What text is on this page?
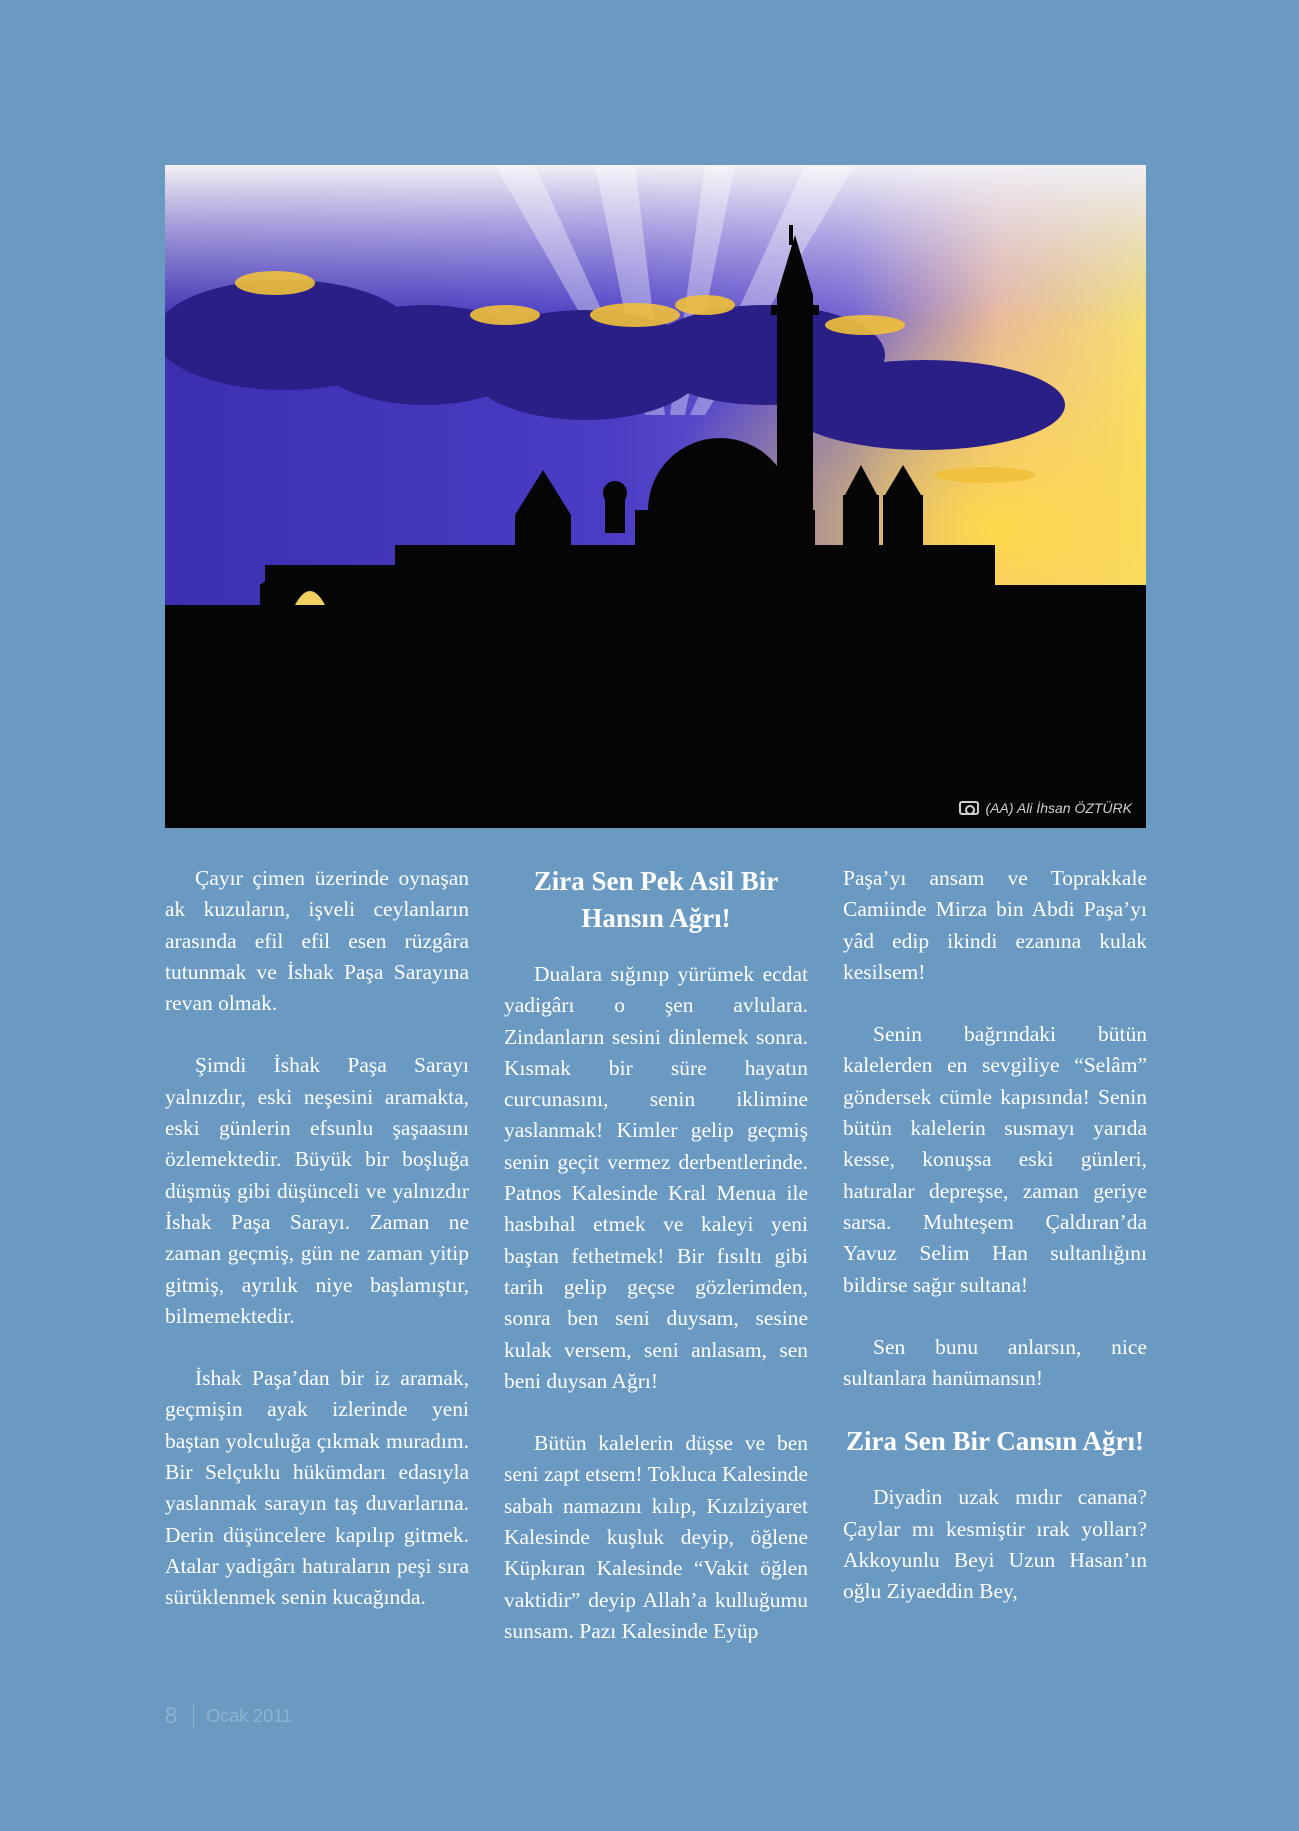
(AA) Ali İhsan ÖZTÜRK

Çayır çimen üzerinde oynaşan ak kuzuların, işveli ceylanların arasında efil efil esen rüzgâra tutunmak ve İshak Paşa Sarayına revan olmak.

Şimdi İshak Paşa Sarayı yalnızdır, eski neşesini aramakta, eski günlerin efsunlu şaşaasını özlemektedir. Büyük bir boşluğa düşmüş gibi düşünceli ve yalnızdır İshak Paşa Sarayı. Zaman ne zaman geçmiş, gün ne zaman yitip gitmiş, ayrılık niye başlamıştır, bilmemektedir.

İshak Paşa’dan bir iz aramak, geçmişin ayak izlerinde yeni baştan yolculuğa çıkmak muradım. Bir Selçuklu hükümdarı edasıyla yaslanmak sarayın taş duvarlarına. Derin düşüncelere kapılıp gitmek. Atalar yadigârı hatıraların peşi sıra sürüklenmek senin kucağında.

Zira Sen Pek Asil Bir Hansın Ağrı!

Dualara sığınıp yürümek ecdat yadigârı o şen avlulara. Zindanların sesini dinlemek sonra. Kısmak bir süre hayatın curcunasını, senin iklimine yaslanmak! Kimler gelip geçmiş senin geçit vermez derbentlerinde. Patnos Kalesinde Kral Menua ile hasbıhal etmek ve kaleyi yeni baştan fethetmek! Bir fısıltı gibi tarih gelip geçse gözlerimden, sonra ben seni duysam, sesine kulak versem, seni anlasam, sen beni duysan Ağrı!

Bütün kalelerin düşse ve ben seni zapt etsem! Tokluca Kalesinde sabah namazını kılıp, Kızılziyaret Kalesinde kuşluk deyip, öğlene Küpkıran Kalesinde “Vakit öğlen vaktidir” deyip Allah’a kulluğumu sunsam. Pazı Kalesinde Eyüp

Paşa’yı ansam ve Toprakkale Camiinde Mirza bin Abdi Paşa’yı yâd edip ikindi ezanına kulak kesilsem!

Senin bağrındaki bütün kalelerden en sevgiliye “Selâm” göndersek cümle kapısında! Senin bütün kalelerin susmayı yarıda kesse, konuşsa eski günleri, hatıralar depreşse, zaman geriye sarsa. Muhteşem Çaldıran’da Yavuz Selim Han sultanlığını bildirse sağır sultana!

Sen bunu anlarsın, nice sultanlara hanümansın!

Zira Sen Bir Cansın Ağrı!

Diyadin uzak mıdır canana? Çaylar mı kesmiştir ırak yolları? Akkoyunlu Beyi Uzun Hasan’ın oğlu Ziyaeddin Bey,

8 Ocak 2011
